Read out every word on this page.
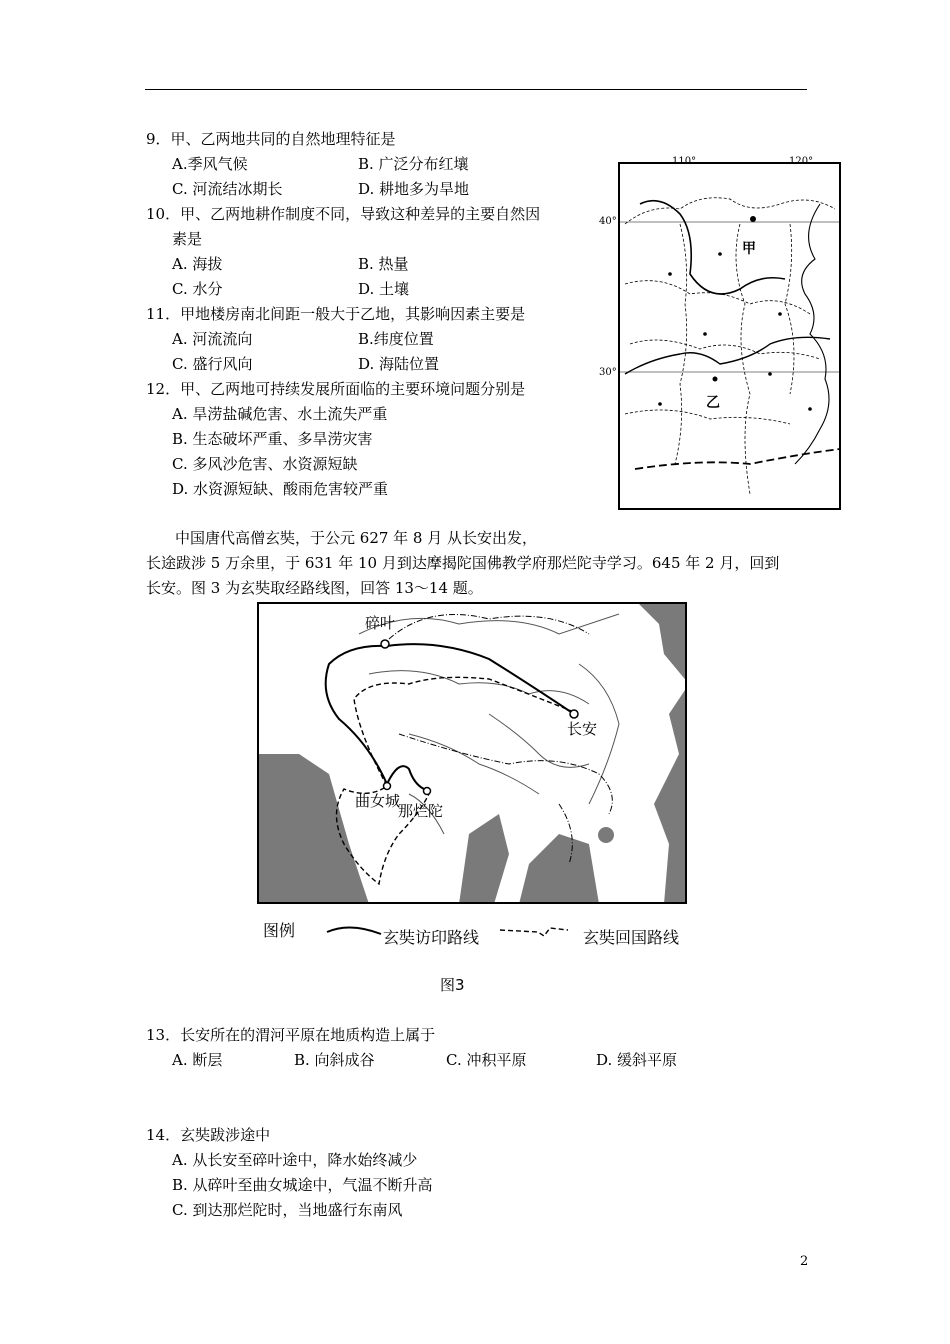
9．甲、乙两地共同的自然地理特征是
A.季风气候	B. 广泛分布红壤
C. 河流结冰期长	D. 耕地多为旱地
10．甲、乙两地耕作制度不同，导致这种差异的主要自然因
素是
A. 海拔	B. 热量
C. 水分	D. 土壤
11．甲地楼房南北间距一般大于乙地，其影响因素主要是
A. 河流流向	B.纬度位置
C. 盛行风向	D. 海陆位置
12．甲、乙两地可持续发展所面临的主要环境问题分别是
A. 旱涝盐碱危害、水土流失严重
B. 生态破坏严重、多旱涝灾害
C. 多风沙危害、水资源短缺
D. 水资源短缺、酸雨危害较严重
110°	120°
40°
30°
甲
乙
中国唐代高僧玄奘，于公元 627 年 8 月 从长安出发，
长途跋涉 5 万余里，于 631 年 10 月到达摩揭陀国佛教学府那烂陀寺学习。645 年 2 月，回到
长安。图 3 为玄奘取经路线图，回答 13～14 题。
碎叶
长安
曲女城
那烂陀
图例	玄奘访印路线	玄奘回国路线
图3
13．长安所在的渭河平原在地质构造上属于
A. 断层	B. 向斜成谷	C. 冲积平原	D. 缓斜平原
14．玄奘跋涉途中
A. 从长安至碎叶途中，降水始终减少
B. 从碎叶至曲女城途中，气温不断升高
C. 到达那烂陀时，当地盛行东南风
2
